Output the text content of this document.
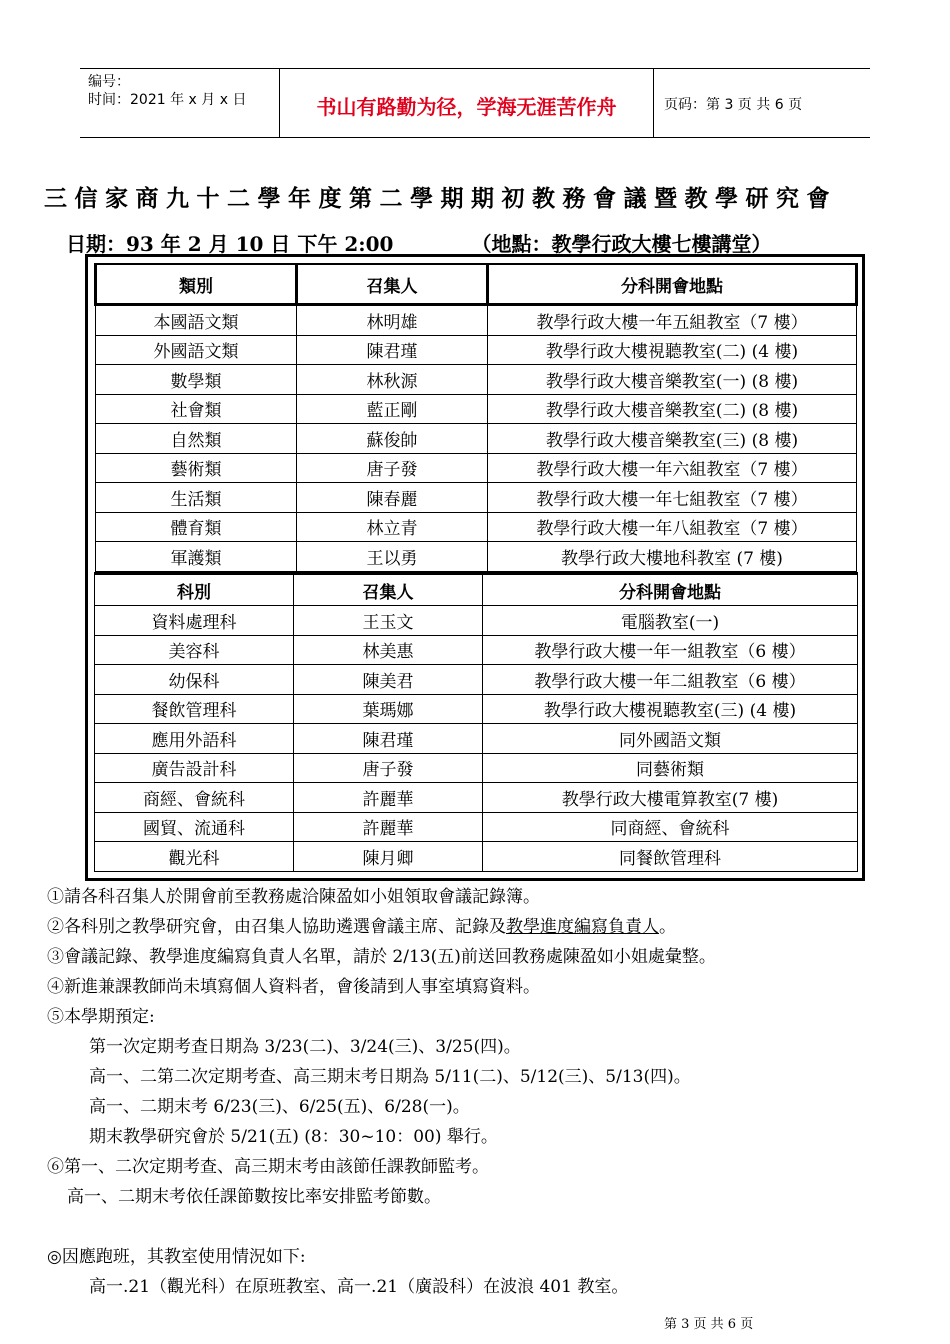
编号：
时间：2021 年 x 月 x 日	书山有路勤为径，学海无涯苦作舟	页码：第 3 页 共 6 页
三信家商九十二學年度第二學期期初教務會議暨教學研究會
日期：93 年 2 月 10 日 下午 2:00	（地點：教學行政大樓七樓講堂）
類別	召集人	分科開會地點
本國語文類	林明雄	教學行政大樓一年五組教室（7 樓）
外國語文類	陳君瑾	教學行政大樓視聽教室(二) (4 樓)
數學類	林秋源	教學行政大樓音樂教室(一) (8 樓)
社會類	藍正剛	教學行政大樓音樂教室(二) (8 樓)
自然類	蘇俊帥	教學行政大樓音樂教室(三) (8 樓)
藝術類	唐子發	教學行政大樓一年六組教室（7 樓）
生活類	陳春麗	教學行政大樓一年七組教室（7 樓）
體育類	林立青	教學行政大樓一年八組教室（7 樓）
軍護類	王以勇	教學行政大樓地科教室 (7 樓)
科別	召集人	分科開會地點
資料處理科	王玉文	電腦教室(一)
美容科	林美惠	教學行政大樓一年一組教室（6 樓）
幼保科	陳美君	教學行政大樓一年二組教室（6 樓）
餐飲管理科	葉瑪娜	教學行政大樓視聽教室(三) (4 樓)
應用外語科	陳君瑾	同外國語文類
廣告設計科	唐子發	同藝術類
商經、會統科	許麗華	教學行政大樓電算教室(7 樓)
國貿、流通科	許麗華	同商經、會統科
觀光科	陳月卿	同餐飲管理科
①請各科召集人於開會前至教務處洽陳盈如小姐領取會議記錄簿。
②各科別之教學研究會，由召集人協助遴選會議主席、記錄及教學進度編寫負責人。
③會議記錄、教學進度編寫負責人名單，請於 2/13(五)前送回教務處陳盈如小姐處彙整。
④新進兼課教師尚未填寫個人資料者，會後請到人事室填寫資料。
⑤本學期預定:
第一次定期考查日期為 3/23(二)、3/24(三)、3/25(四)。
高一、二第二次定期考查、高三期末考日期為 5/11(二)、5/12(三)、5/13(四)。
高一、二期末考 6/23(三)、6/25(五)、6/28(一)。
期末教學研究會於 5/21(五) (8：30~10：00) 舉行。
⑥第一、二次定期考查、高三期末考由該節任課教師監考。
高一、二期末考依任課節數按比率安排監考節數。
◎因應跑班，其教室使用情況如下:
高一.21（觀光科）在原班教室、高一.21（廣設科）在波浪 401 教室。
第 3 页 共 6 页
